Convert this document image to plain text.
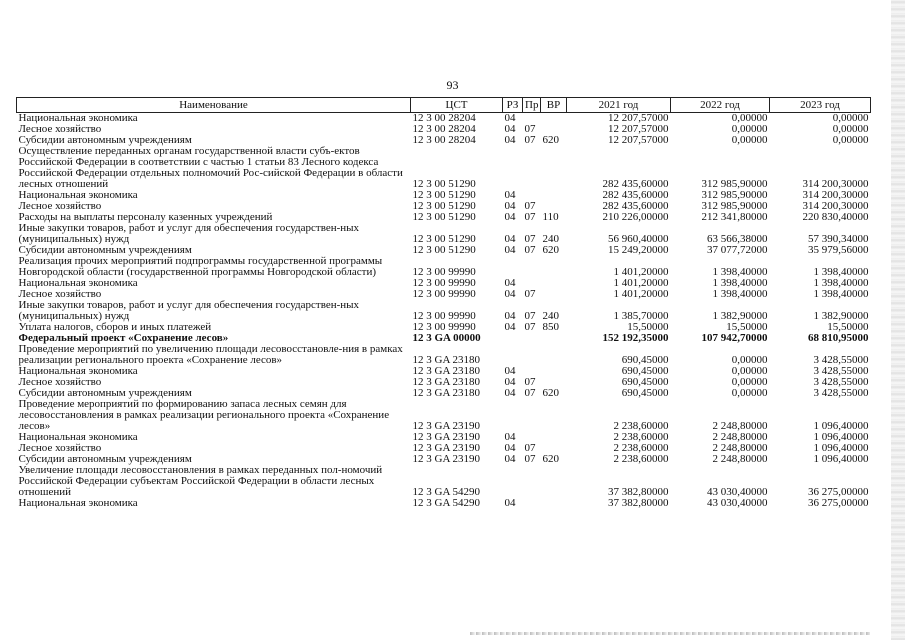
93
Наименование	ЦСТ	РЗ	Пр	ВР	2021 год	2022 год	2023 год
Национальная экономика	12 3 00 28204	04			12 207,57000	0,00000	0,00000
Лесное хозяйство	12 3 00 28204	04	07		12 207,57000	0,00000	0,00000
Субсидии автономным учреждениям	12 3 00 28204	04	07	620	12 207,57000	0,00000	0,00000
Осуществление переданных органам государственной власти субъ-ектов Российской Федерации в соответствии с частью 1 статьи 83 Лесного кодекса Российской Федерации отдельных полномочий Рос-сийской Федерации в области лесных отношений	12 3 00 51290				282 435,60000	312 985,90000	314 200,30000
Национальная экономика	12 3 00 51290	04			282 435,60000	312 985,90000	314 200,30000
Лесное хозяйство	12 3 00 51290	04	07		282 435,60000	312 985,90000	314 200,30000
Расходы на выплаты персоналу казенных учреждений	12 3 00 51290	04	07	110	210 226,00000	212 341,80000	220 830,40000
Иные закупки товаров, работ и услуг для обеспечения государствен-ных (муниципальных) нужд	12 3 00 51290	04	07	240	56 960,40000	63 566,38000	57 390,34000
Субсидии автономным учреждениям	12 3 00 51290	04	07	620	15 249,20000	37 077,72000	35 979,56000
Реализация прочих мероприятий подпрограммы государственной программы Новгородской области (государственной программы Новгородской области)	12 3 00 99990				1 401,20000	1 398,40000	1 398,40000
Национальная экономика	12 3 00 99990	04			1 401,20000	1 398,40000	1 398,40000
Лесное хозяйство	12 3 00 99990	04	07		1 401,20000	1 398,40000	1 398,40000
Иные закупки товаров, работ и услуг для обеспечения государствен-ных (муниципальных) нужд	12 3 00 99990	04	07	240	1 385,70000	1 382,90000	1 382,90000
Уплата налогов, сборов и иных платежей	12 3 00 99990	04	07	850	15,50000	15,50000	15,50000
Федеральный проект «Сохранение лесов»	12 3 GA 00000				152 192,35000	107 942,70000	68 810,95000
Проведение мероприятий по увеличению площади лесовосстановле-ния в рамках реализации регионального проекта «Сохранение лесов»	12 3 GA 23180				690,45000	0,00000	3 428,55000
Национальная экономика	12 3 GA 23180	04			690,45000	0,00000	3 428,55000
Лесное хозяйство	12 3 GA 23180	04	07		690,45000	0,00000	3 428,55000
Субсидии автономным учреждениям	12 3 GA 23180	04	07	620	690,45000	0,00000	3 428,55000
Проведение мероприятий по формированию запаса лесных семян для лесовосстановления в рамках реализации регионального проекта «Сохранение лесов»	12 3 GA 23190				2 238,60000	2 248,80000	1 096,40000
Национальная экономика	12 3 GA 23190	04			2 238,60000	2 248,80000	1 096,40000
Лесное хозяйство	12 3 GA 23190	04	07		2 238,60000	2 248,80000	1 096,40000
Субсидии автономным учреждениям	12 3 GA 23190	04	07	620	2 238,60000	2 248,80000	1 096,40000
Увеличение площади лесовосстановления в рамках переданных пол-номочий Российской Федерации субъектам Российской Федерации в области лесных отношений	12 3 GA 54290				37 382,80000	43 030,40000	36 275,00000
Национальная экономика	12 3 GA 54290	04			37 382,80000	43 030,40000	36 275,00000
